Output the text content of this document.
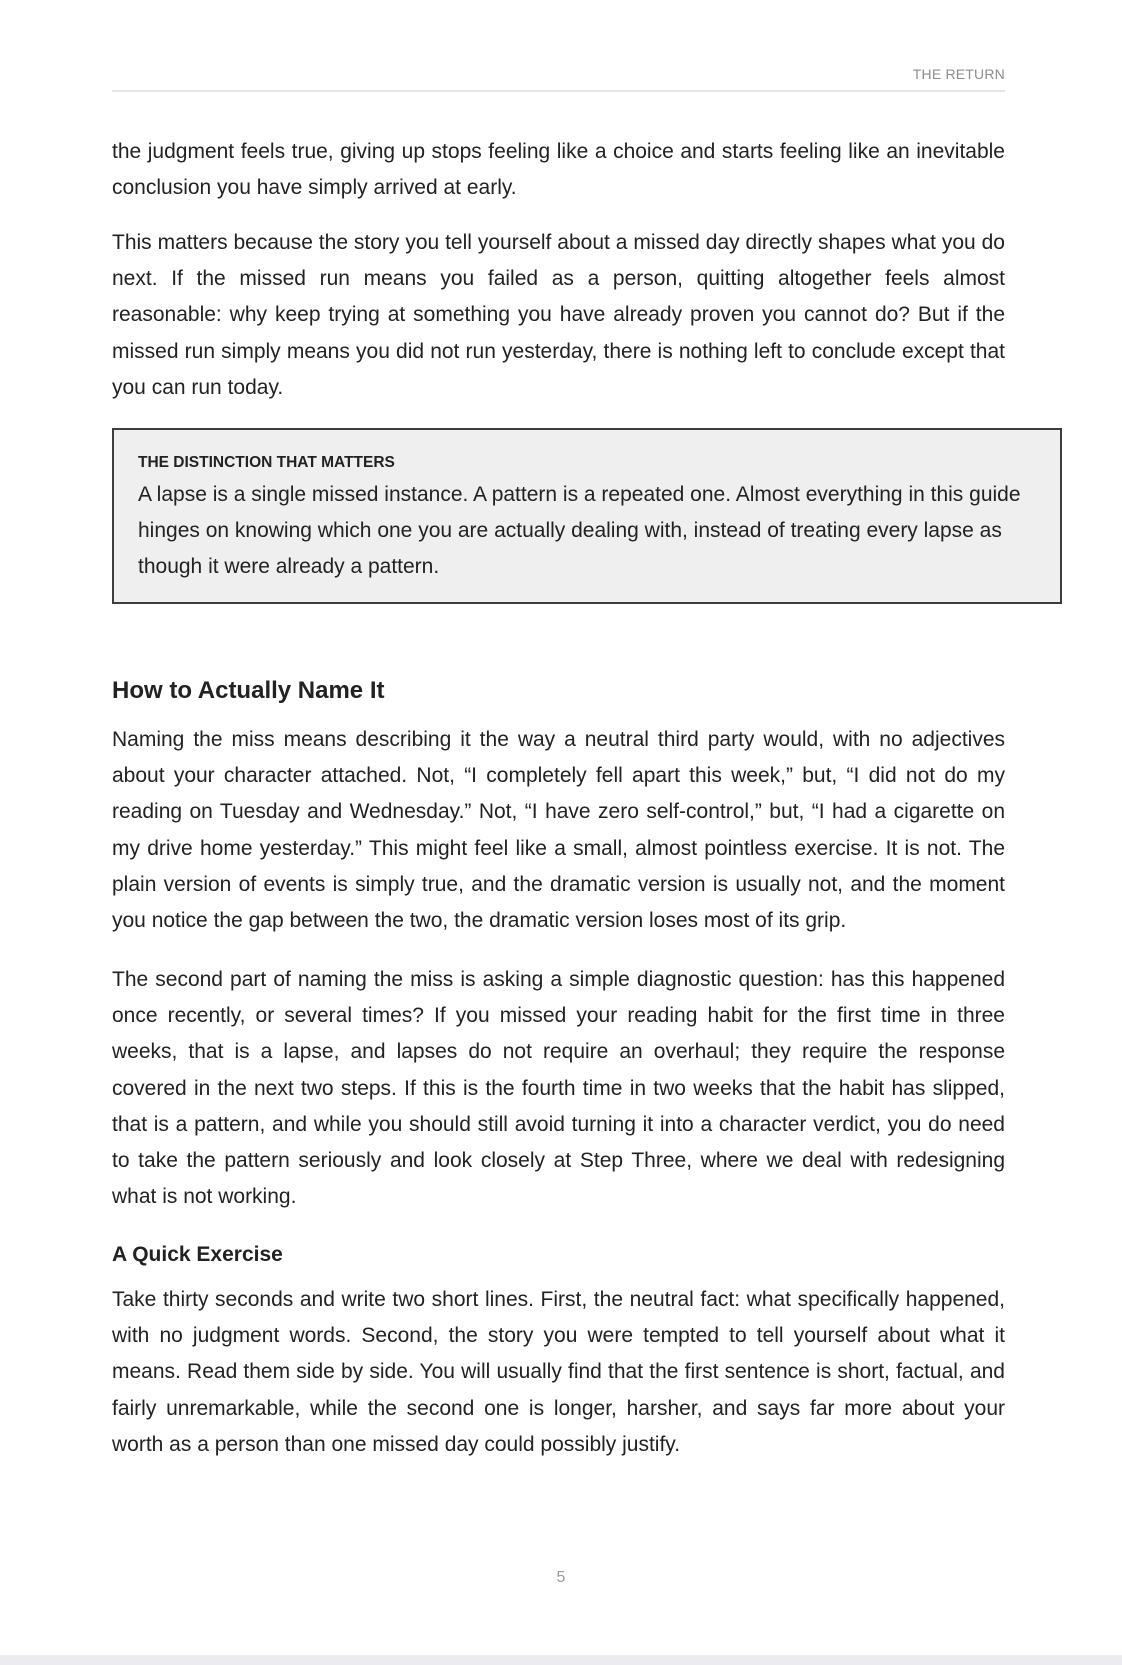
THE RETURN

the judgment feels true, giving up stops feeling like a choice and starts feeling like an inevitable conclusion you have simply arrived at early.

This matters because the story you tell yourself about a missed day directly shapes what you do next. If the missed run means you failed as a person, quitting altogether feels almost reasonable: why keep trying at something you have already proven you cannot do? But if the missed run simply means you did not run yesterday, there is nothing left to conclude except that you can run today.

THE DISTINCTION THAT MATTERS

A lapse is a single missed instance. A pattern is a repeated one. Almost everything in this guide hinges on knowing which one you are actually dealing with, instead of treating every lapse as though it were already a pattern.

How to Actually Name It

Naming the miss means describing it the way a neutral third party would, with no adjectives about your character attached. Not, “I completely fell apart this week,” but, “I did not do my reading on Tuesday and Wednesday.” Not, “I have zero self-control,” but, “I had a cigarette on my drive home yesterday.” This might feel like a small, almost pointless exercise. It is not. The plain version of events is simply true, and the dramatic version is usually not, and the moment you notice the gap between the two, the dramatic version loses most of its grip.

The second part of naming the miss is asking a simple diagnostic question: has this happened once recently, or several times? If you missed your reading habit for the first time in three weeks, that is a lapse, and lapses do not require an overhaul; they require the response covered in the next two steps. If this is the fourth time in two weeks that the habit has slipped, that is a pattern, and while you should still avoid turning it into a character verdict, you do need to take the pattern seriously and look closely at Step Three, where we deal with redesigning what is not working.

A Quick Exercise

Take thirty seconds and write two short lines. First, the neutral fact: what specifically happened, with no judgment words. Second, the story you were tempted to tell yourself about what it means. Read them side by side. You will usually find that the first sentence is short, factual, and fairly unremarkable, while the second one is longer, harsher, and says far more about your worth as a person than one missed day could possibly justify.

5
